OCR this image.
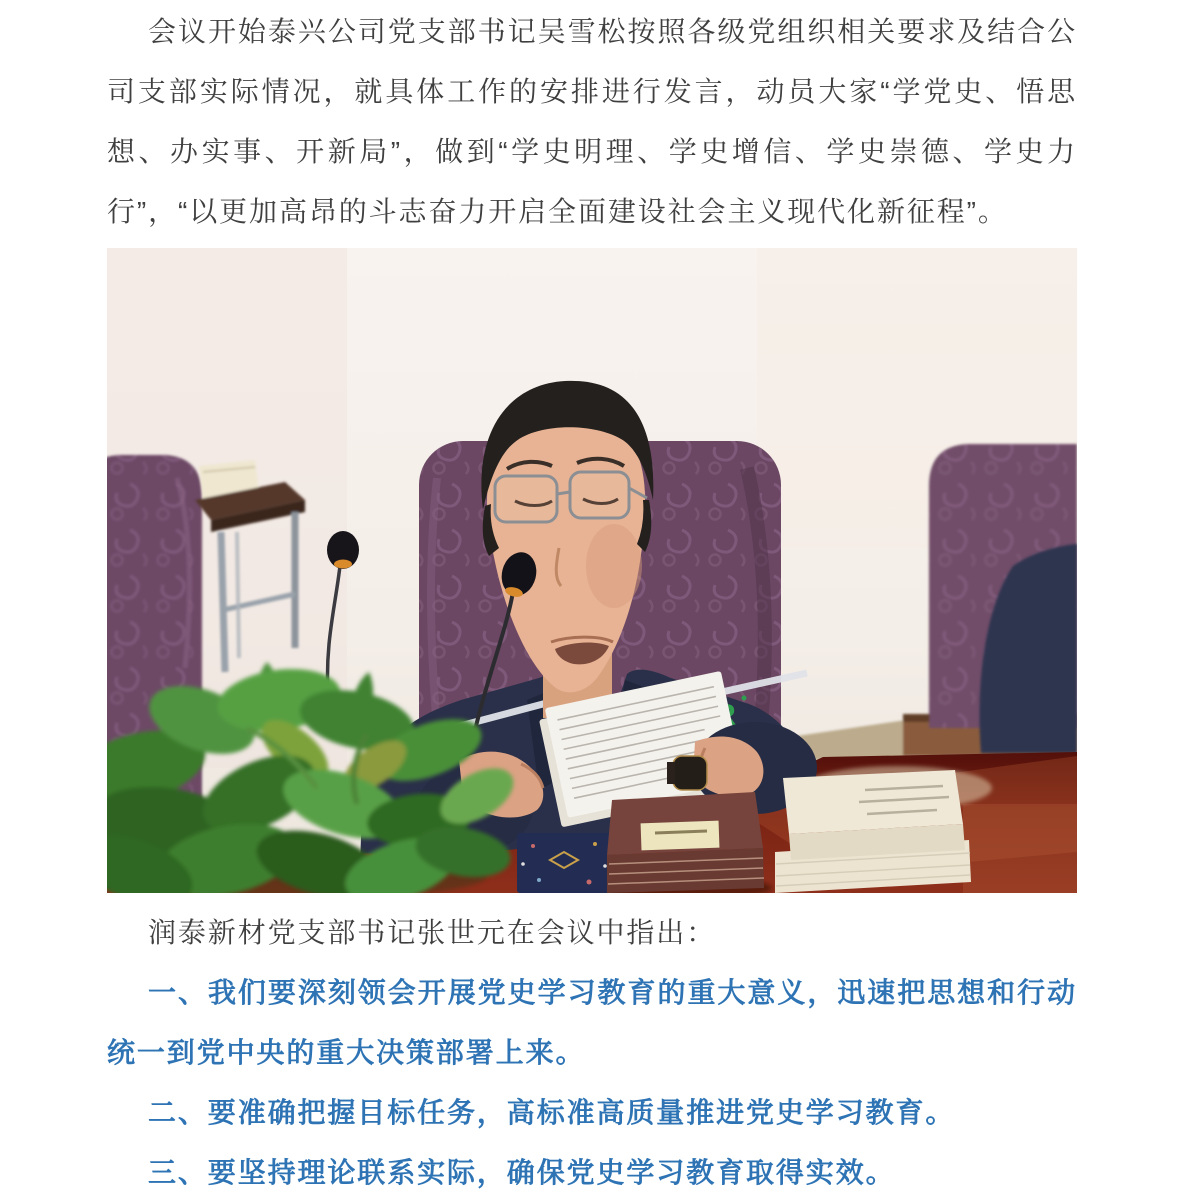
会议开始泰兴公司党支部书记吴雪松按照各级党组织相关要求及结合公司支部实际情况，就具体工作的安排进行发言，动员大家“学党史、悟思想、办实事、开新局”，做到“学史明理、学史增信、学史崇德、学史力行”，“以更加高昂的斗志奋力开启全面建设社会主义现代化新征程”。

润泰新材党支部书记张世元在会议中指出：

一、我们要深刻领会开展党史学习教育的重大意义，迅速把思想和行动统一到党中央的重大决策部署上来。

二、要准确把握目标任务，高标准高质量推进党史学习教育。

三、要坚持理论联系实际，确保党史学习教育取得实效。
